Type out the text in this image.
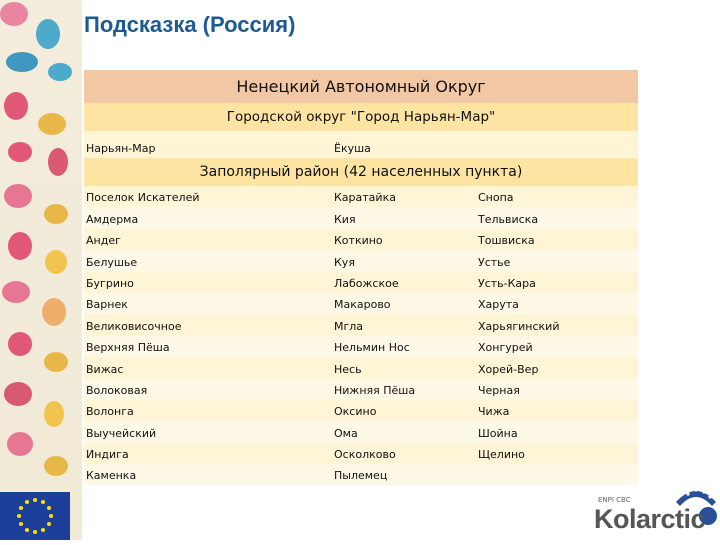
Подсказка (Россия)
Ненецкий Автономный Округ
Городской округ "Город Нарьян-Мар"
Нарьян-Мар	Ёкуша
Заполярный район (42 населенных пункта)
Поселок Искателей	Каратайка	Снопа
Амдерма	Кия	Тельвиска
Андег	Коткино	Тошвиска
Белушье	Куя	Устье
Бугрино	Лабожское	Усть-Кара
Варнек	Макарово	Харута
Великовисочное	Мгла	Харьягинский
Верхняя Пёша	Нельмин Нос	Хонгурей
Вижас	Несь	Хорей-Вер
Волоковая	Нижняя Пёша	Черная
Волонга	Оксино	Чижа
Выучейский	Ома	Шойна
Индига	Осколково	Щелино
Каменка	Пылемец
ENPI CBC
Kolarctic
